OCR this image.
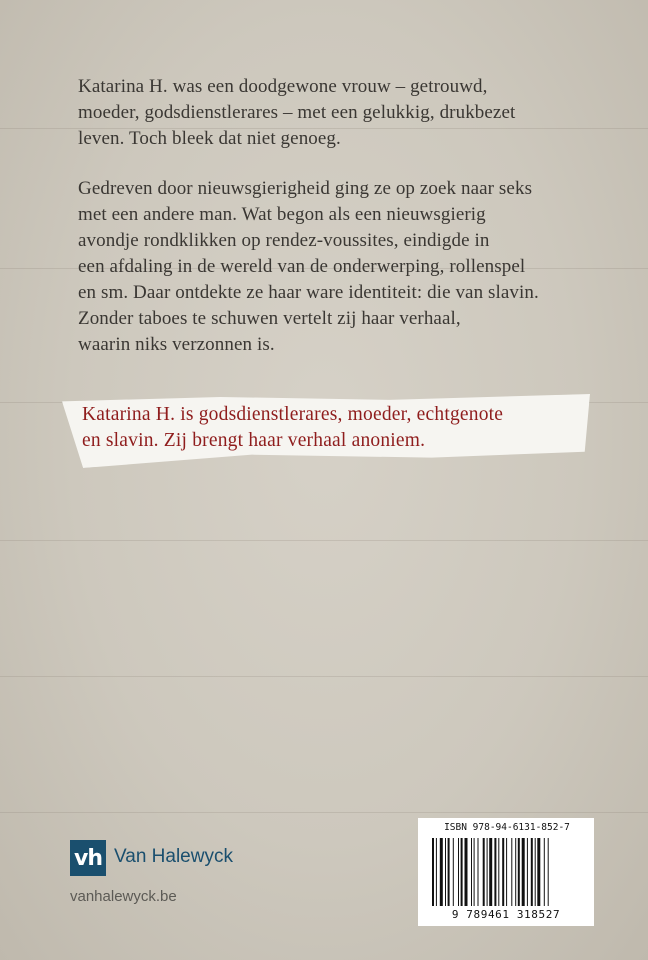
Katarina H. was een doodgewone vrouw – getrouwd,
moeder, godsdienstlerares – met een gelukkig, drukbezet
leven. Toch bleek dat niet genoeg.

Gedreven door nieuwsgierigheid ging ze op zoek naar seks
met een andere man. Wat begon als een nieuwsgierig
avondje rondklikken op rendez-voussites, eindigde in
een afdaling in de wereld van de onderwerping, rollenspel
en sm. Daar ontdekte ze haar ware identiteit: die van slavin.
Zonder taboes te schuwen vertelt zij haar verhaal,
waarin niks verzonnen is.

Katarina H. is godsdienstlerares, moeder, echtgenote
en slavin. Zij brengt haar verhaal anoniem.
vh Van Halewyck
vanhalewyck.be
ISBN 978-94-6131-852-7
9 789461 318527
